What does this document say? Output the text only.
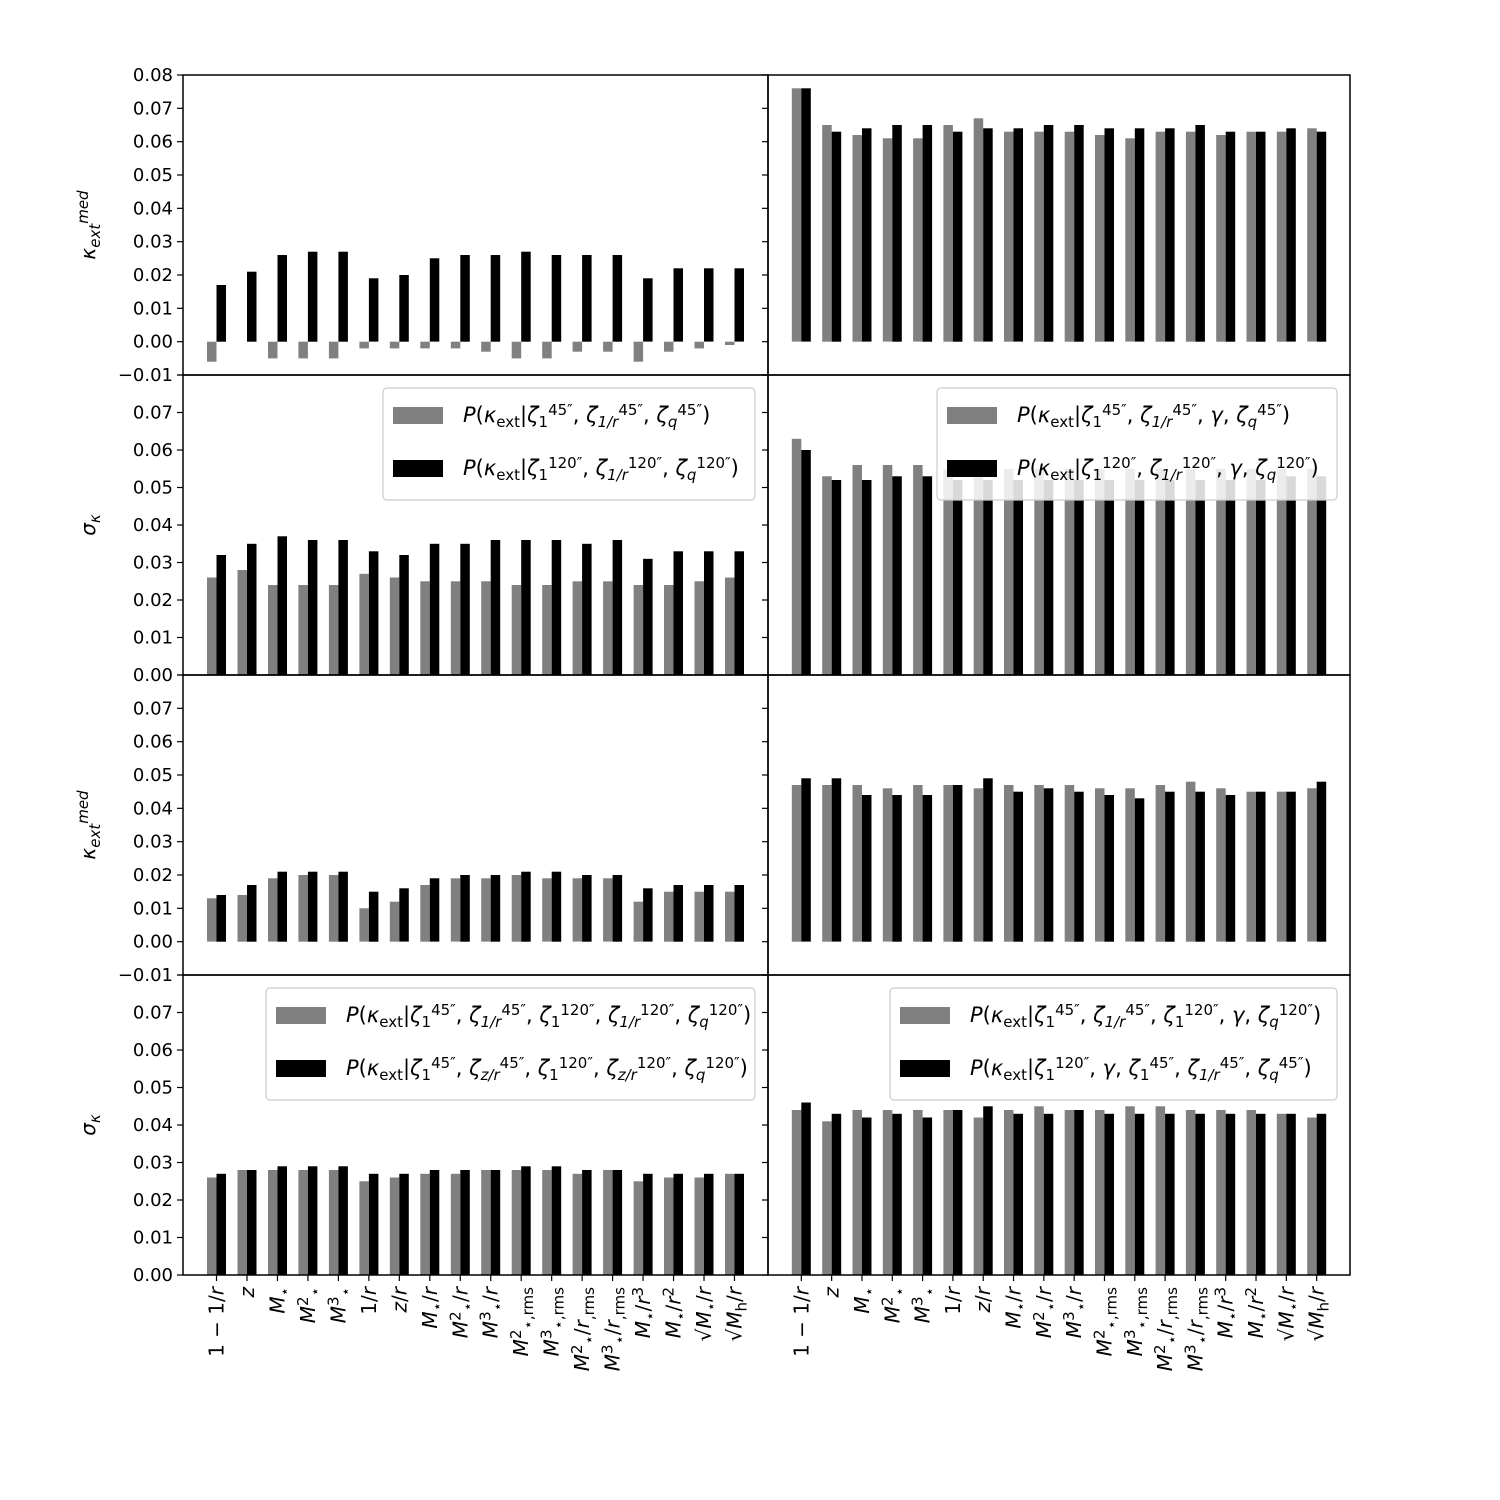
−0.01
0.00
0.01
0.02
0.03
0.04
0.05
0.06
0.07
0.08
κextmed
0.00
0.01
0.02
0.03
0.04
0.05
0.06
0.07
σκ
−0.01
0.00
0.01
0.02
0.03
0.04
0.05
0.06
0.07
κextmed
0.00
0.01
0.02
0.03
0.04
0.05
0.06
0.07
σκ
P(κext|ζ145″, ζ1/r45″, ζq45″)
P(κext|ζ1120″, ζ1/r120″, ζq120″)
P(κext|ζ145″, ζ1/r45″, γ, ζq45″)
P(κext|ζ1120″, ζ1/r120″, γ, ζq120″)
P(κext|ζ145″, ζ1/r45″, ζ1120″, ζ1/r120″, ζq120″)
P(κext|ζ145″, ζz/r45″, ζ1120″, ζz/r120″, ζq120″)
P(κext|ζ145″, ζ1/r45″, ζ1120″, γ, ζq120″)
P(κext|ζ1120″, γ, ζ145″, ζ1/r45″, ζq45″)
1 − 1/r z
M⋆
M2⋆
M3⋆
1/r
z/r
M⋆/r
M2⋆/r
M3⋆/r
M2⋆,rms
M3⋆,rms
M2⋆/r,rms
M3⋆/r,rms
M⋆/r3
M⋆/r2
√M⋆/r
√Mh/r
1 − 1/r z
M⋆
M2⋆
M3⋆
1/r
z/r
M⋆/r
M2⋆/r
M3⋆/r
M2⋆,rms
M3⋆,rms
M2⋆/r,rms
M3⋆/r,rms
M⋆/r3
M⋆/r2
√M⋆/r
√Mh/r
